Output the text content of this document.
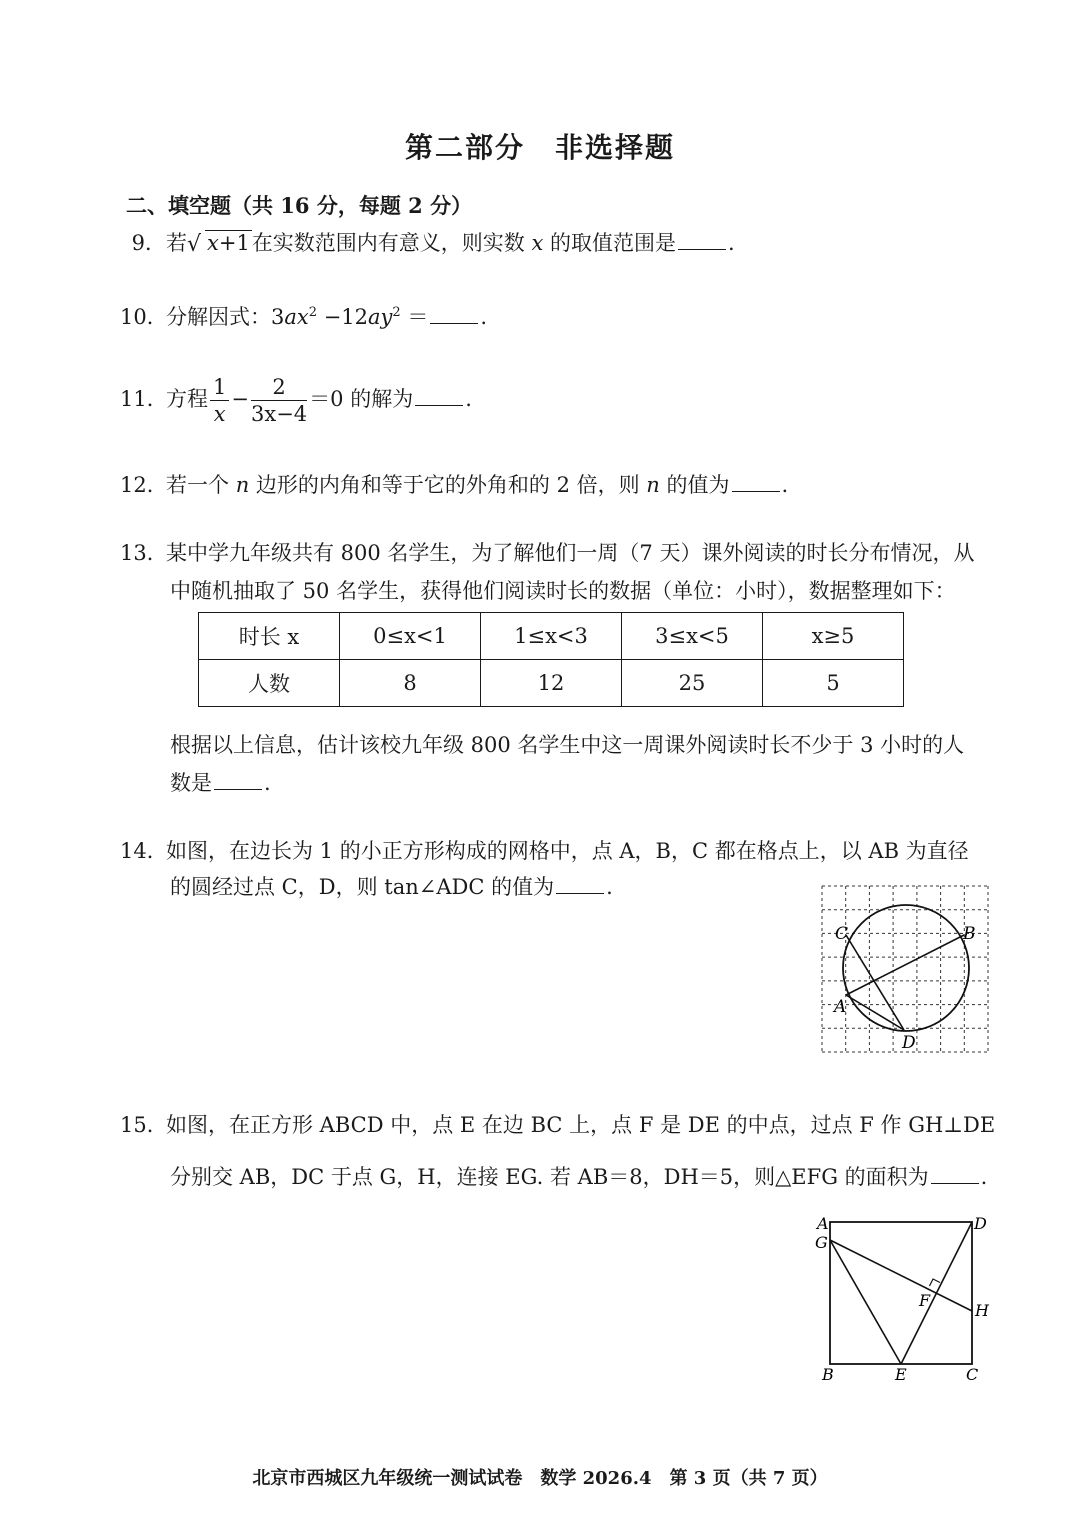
第二部分　非选择题
二、填空题（共 16 分，每题 2 分）
9．若 √ x+1在实数范围内有意义，则实数 x 的取值范围是 .
10．分解因式：$3ax^2 -12ay^2$ ＝ .
11．方程 $\frac{1}{x} - \frac{2}{3x-4} =0$ 的解为 .
12．若一个 n 边形的内角和等于它的外角和的 2 倍，则 n 的值为 .
13．某中学九年级共有 800 名学生，为了解他们一周（7 天）课外阅读的时长分布情况，从
中随机抽取了 50 名学生，获得他们阅读时长的数据（单位：小时），数据整理如下：
时长 x	0≤x<1	1≤x<3	3≤x<5	x≥5
人数	8	12	25	5
根据以上信息，估计该校九年级 800 名学生中这一周课外阅读时长不少于 3 小时的人
数是 .
14．如图，在边长为 1 的小正方形构成的网格中，点 A，B，C 都在格点上，以 AB 为直径
的圆经过点 C，D，则 tan∠ADC 的值为 .
C	B
A
D
15．如图，在正方形 ABCD 中，点 E 在边 BC 上，点 F 是 DE 的中点，过点 F 作 GH⊥DE
分别交 AB，DC 于点 G，H，连接 EG. 若 AB＝8，DH＝5，则△EFG 的面积为 .
A
G
D
H
F
B	E	C
北京市西城区九年级统一测试试卷　数学 2026.4　第 3 页（共 7 页）
